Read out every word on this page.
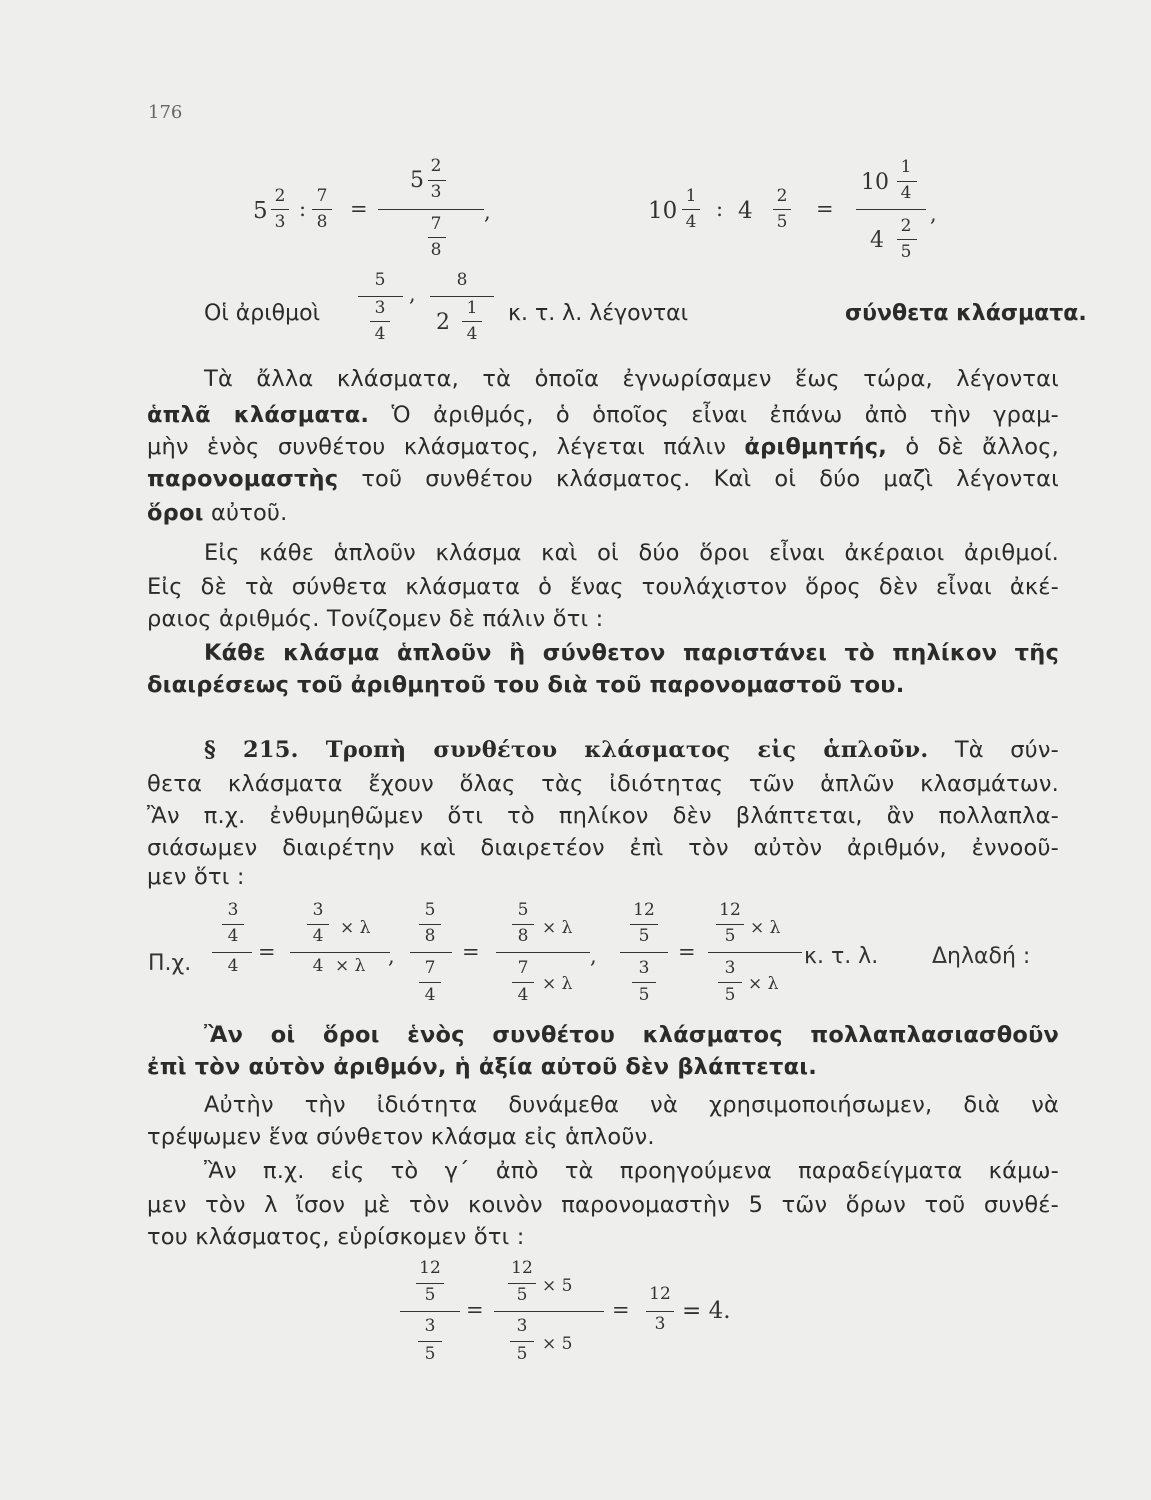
176
5
2
3
:
7
8
=
5
2
3
7
8
,	10
1
4
: 4
2
5
=
10
1
4
4
2
5
,
Οἱ ἀριθμοὶ
5
3
4
,
8
2
1
4
κ. τ. λ. λέγονται	σύνθετα κλάσματα.
Τὰ ἄλλα κλάσματα, τὰ ὁποῖα ἐγνωρίσαμεν ἕως τώρα, λέγονται
ἁπλᾶ κλάσματα. Ὁ ἀριθμός, ὁ ὁποῖος εἶναι ἐπάνω ἀπὸ τὴν γραμ-
μὴν ἑνὸς συνθέτου κλάσματος, λέγεται πάλιν ἀριθμητής, ὁ δὲ ἄλλος,
παρονομαστὴς τοῦ συνθέτου κλάσματος. Καὶ οἱ δύο μαζὶ λέγονται
ὅροι αὐτοῦ.
Εἰς κάθε ἁπλοῦν κλάσμα καὶ οἱ δύο ὅροι εἶναι ἀκέραιοι ἀριθμοί.
Εἰς δὲ τὰ σύνθετα κλάσματα ὁ ἕνας τουλάχιστον ὅρος δὲν εἶναι ἀκέ-
ραιος ἀριθμός. Τονίζομεν δὲ πάλιν ὅτι :
Κάθε κλάσμα ἁπλοῦν ἢ σύνθετον παριστάνει τὸ πηλίκον τῆς
διαιρέσεως τοῦ ἀριθμητοῦ του διὰ τοῦ παρονομαστοῦ του.
§ 215. Τροπὴ συνθέτου κλάσματος εἰς ἁπλοῦν. Τὰ σύν-
θετα κλάσματα ἔχουν ὅλας τὰς ἰδιότητας τῶν ἁπλῶν κλασμάτων.
Ἂν π.χ. ἐνθυμηθῶμεν ὅτι τὸ πηλίκον δὲν βλάπτεται, ἂν πολλαπλα-
σιάσωμεν διαιρέτην καὶ διαιρετέον ἐπὶ τὸν αὐτὸν ἀριθμόν, ἐννοοῦ-
μεν ὅτι :
Π.χ.
3
4
4
=
3
4 × λ
4 × λ ,
5
8
7
4
=
5
8 × λ
7
4
× λ
,
12
5
3
5
=
12
5 × λ
3
5
× λ
κ. τ. λ. Δηλαδή :
Ἂν οἱ ὅροι ἑνὸς συνθέτου κλάσματος πολλαπλασιασθοῦν
ἐπὶ τὸν αὐτὸν ἀριθμόν, ἡ ἀξία αὐτοῦ δὲν βλάπτεται.
Αὐτὴν τὴν ἰδιότητα δυνάμεθα νὰ χρησιμοποιήσωμεν, διὰ νὰ
τρέψωμεν ἕνα σύνθετον κλάσμα εἰς ἁπλοῦν.
Ἂν π.χ. εἰς τὸ γ΄ ἀπὸ τὰ προηγούμενα παραδείγματα κάμω-
μεν τὸν λ ἴσον μὲ τὸν κοινὸν παρονομαστὴν 5 τῶν ὅρων τοῦ συνθέ-
του κλάσματος, εὑρίσκομεν ὅτι :
12
5
3
5
=
12
5 × 5
3
5 × 5
=
12
3 = 4.
